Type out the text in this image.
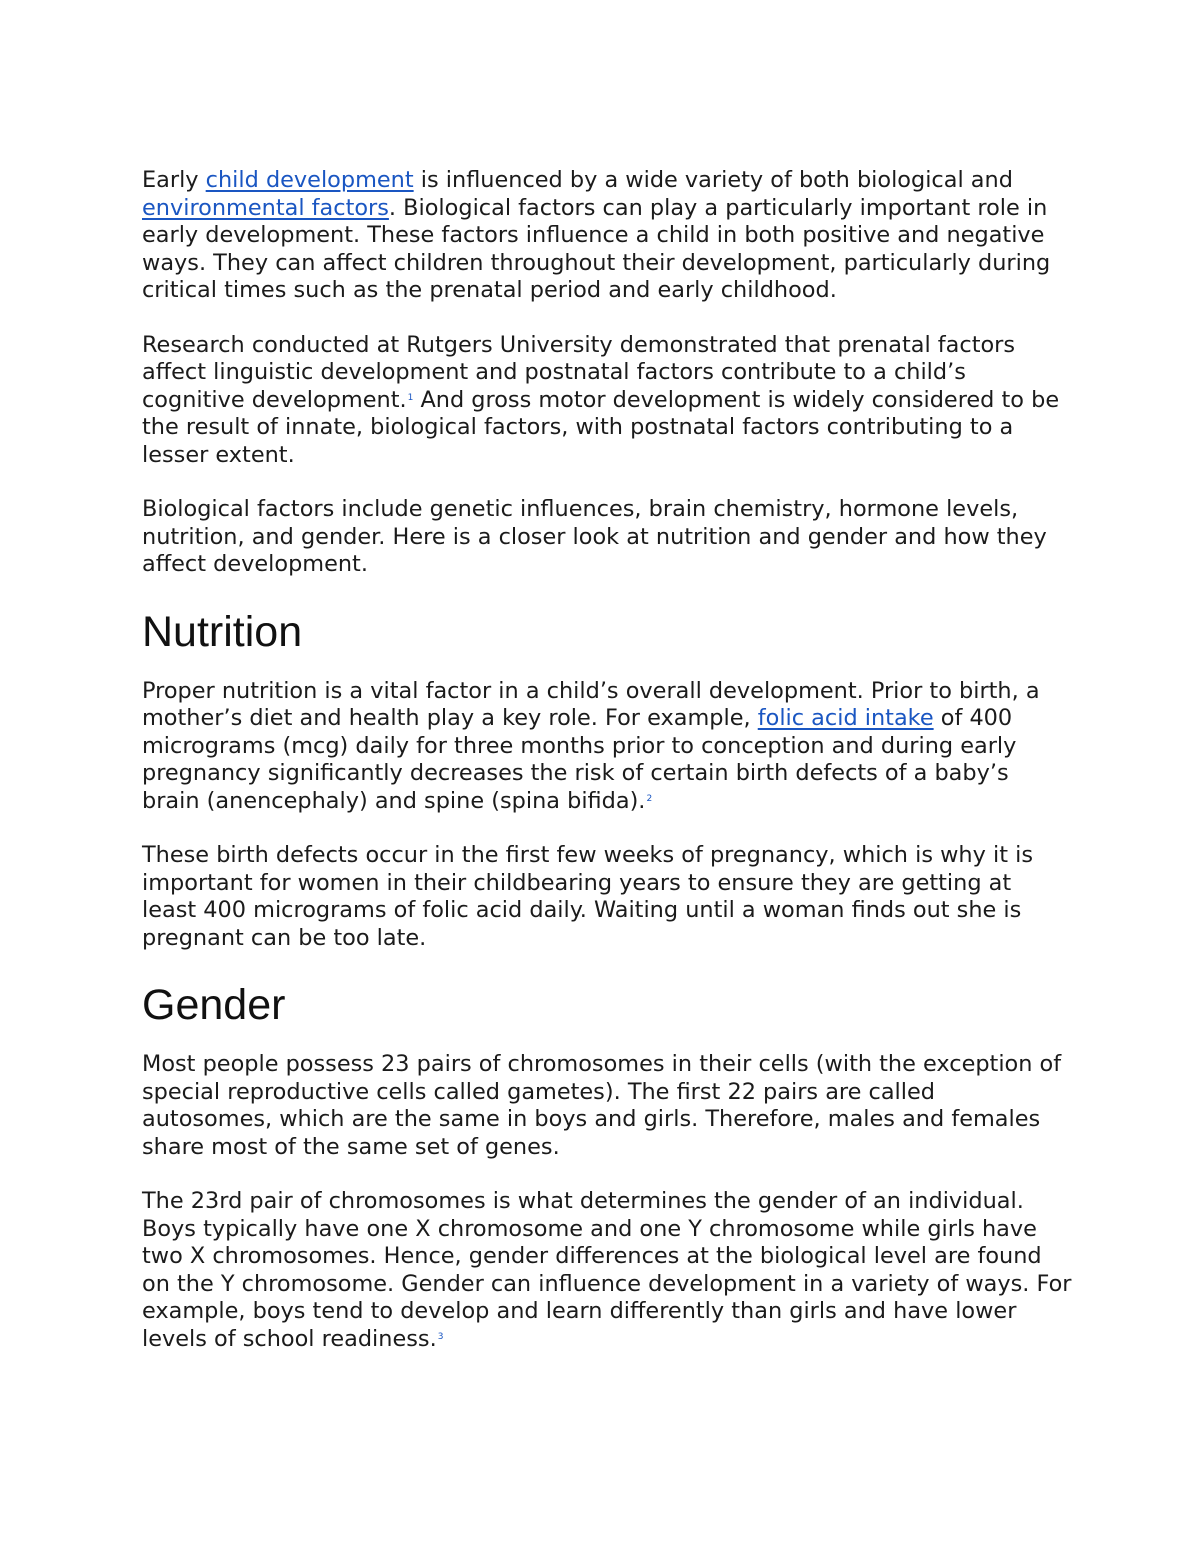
Early child development is influenced by a wide variety of both biological and environmental factors. Biological factors can play a particularly important role in early development. These factors influence a child in both positive and negative ways. They can affect children throughout their development, particularly during critical times such as the prenatal period and early childhood.

Research conducted at Rutgers University demonstrated that prenatal factors affect linguistic development and postnatal factors contribute to a child’s cognitive development.$^1$ And gross motor development is widely considered to be the result of innate, biological factors, with postnatal factors contributing to a lesser extent.

Biological factors include genetic influences, brain chemistry, hormone levels, nutrition, and gender. Here is a closer look at nutrition and gender and how they affect development.

Nutrition

Proper nutrition is a vital factor in a child’s overall development. Prior to birth, a mother’s diet and health play a key role. For example, folic acid intake of 400 micrograms (mcg) daily for three months prior to conception and during early pregnancy significantly decreases the risk of certain birth defects of a baby’s brain (anencephaly) and spine (spina bifida).$^2$

These birth defects occur in the first few weeks of pregnancy, which is why it is important for women in their childbearing years to ensure they are getting at least 400 micrograms of folic acid daily. Waiting until a woman finds out she is pregnant can be too late.

Gender

Most people possess 23 pairs of chromosomes in their cells (with the exception of special reproductive cells called gametes). The first 22 pairs are called autosomes, which are the same in boys and girls. Therefore, males and females share most of the same set of genes.

The 23rd pair of chromosomes is what determines the gender of an individual. Boys typically have one X chromosome and one Y chromosome while girls have two X chromosomes. Hence, gender differences at the biological level are found on the Y chromosome. Gender can influence development in a variety of ways. For example, boys tend to develop and learn differently than girls and have lower levels of school readiness.$^3$
